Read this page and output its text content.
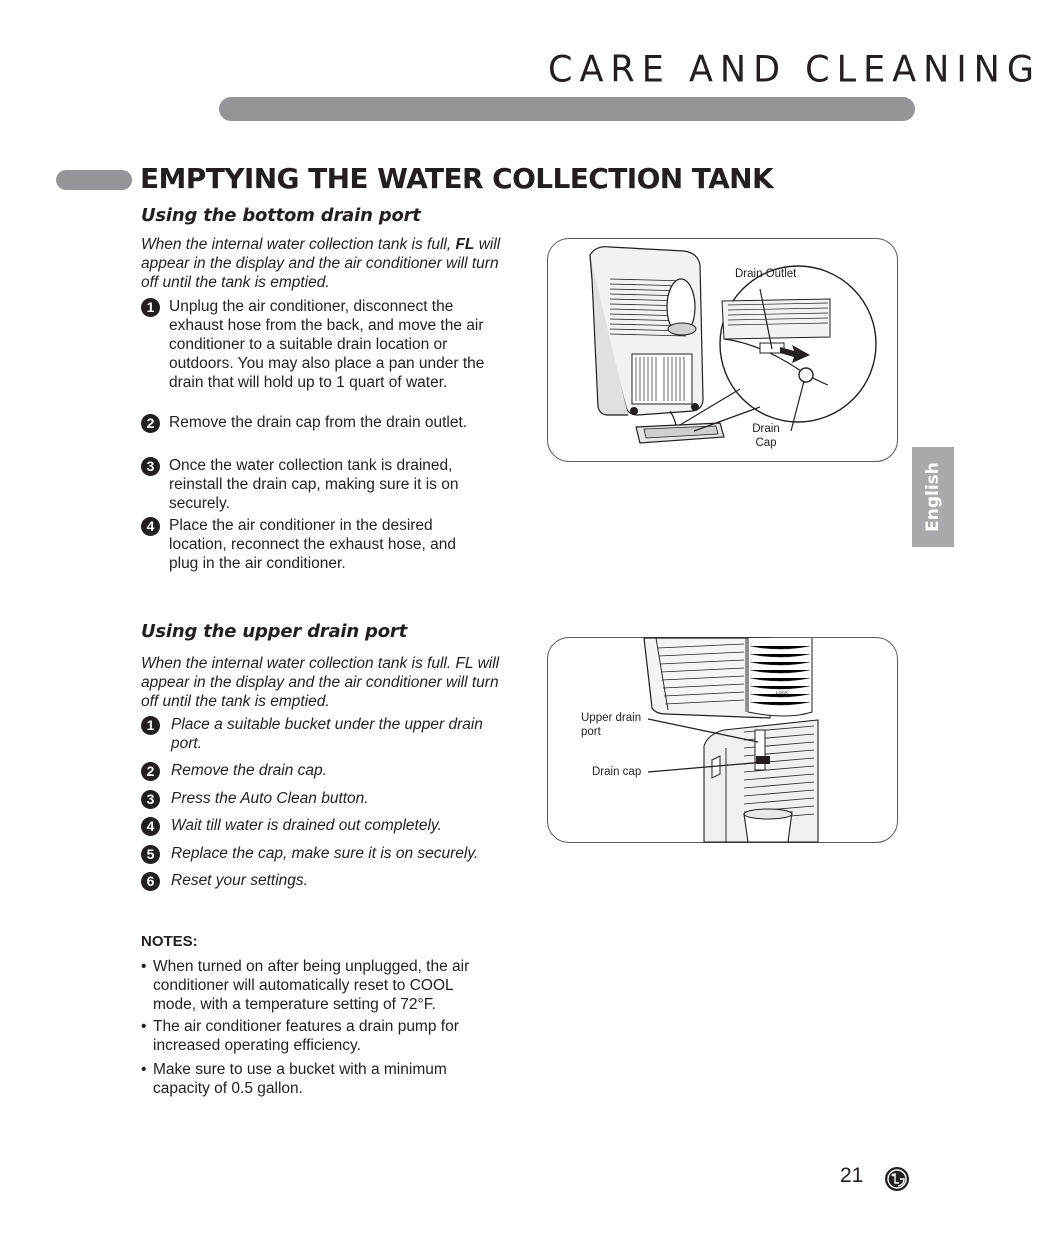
CARE AND CLEANING
EMPTYING THE WATER COLLECTION TANK
Using the bottom drain port
When the internal water collection tank is full, FL will appear in the display and the air conditioner will turn off until the tank is emptied.
1 Unplug the air conditioner, disconnect the exhaust hose from the back, and move the air conditioner to a suitable drain location or outdoors. You may also place a pan under the drain that will hold up to 1 quart of water.
2 Remove the drain cap from the drain outlet.
3 Once the water collection tank is drained, reinstall the drain cap, making sure it is on securely.
4 Place the air conditioner in the desired location, reconnect the exhaust hose, and plug in the air conditioner.
Drain Outlet
Drain Cap
Using the upper drain port
When the internal water collection tank is full. FL will appear in the display and the air conditioner will turn off until the tank is emptied.
1	Place a suitable bucket under the upper drain port.
2	Remove the drain cap.
3	Press the Auto Clean button.
4	Wait till water is drained out completely.
5	Replace the cap, make sure it is on securely.
6	Reset your settings.
LOCK
Upper drain port
Drain cap
NOTES:
• When turned on after being unplugged, the air conditioner will automatically reset to COOL mode, with a temperature setting of 72°F.
• The air conditioner features a drain pump for increased operating efficiency.
• Make sure to use a bucket with a minimum capacity of 0.5 gallon.
English
21
